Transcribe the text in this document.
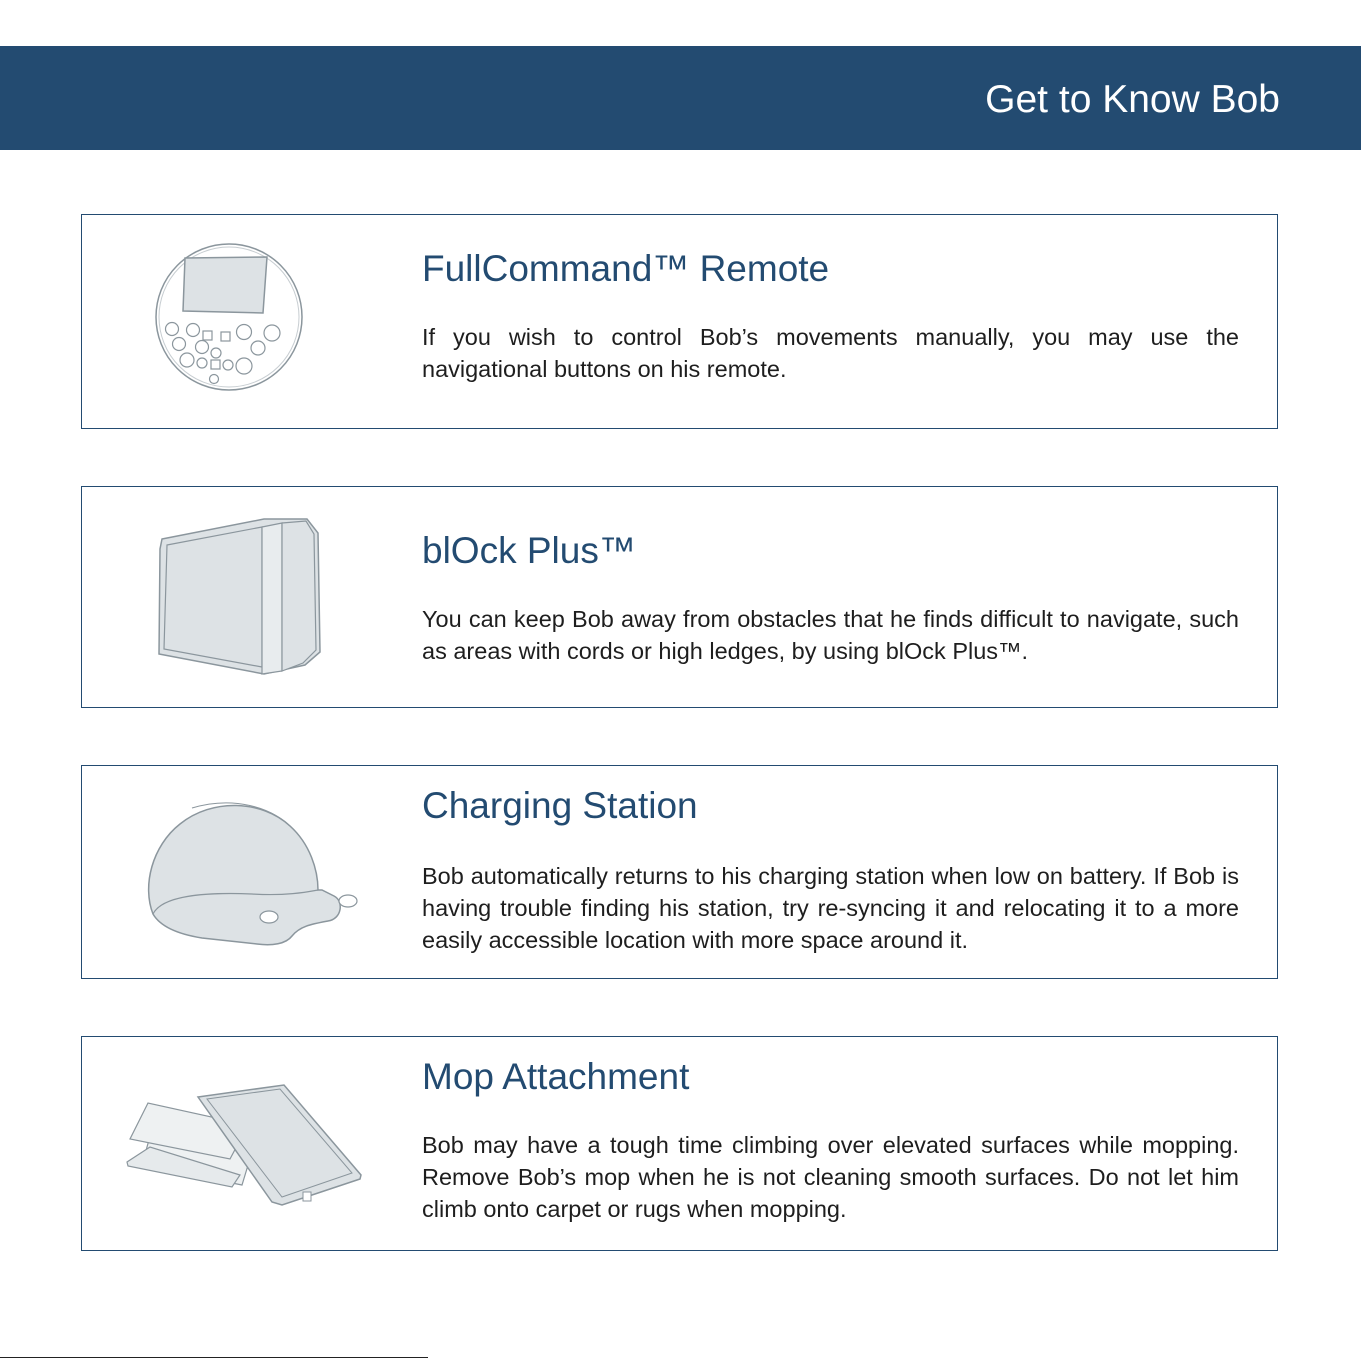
Get to Know Bob
FullCommand™ Remote

If you wish to control Bob’s movements manually, you may use the navigational buttons on his remote.

blOck Plus™

You can keep Bob away from obstacles that he finds difficult to navigate, such as areas with cords or high ledges, by using blOck Plus™.

Charging Station

Bob automatically returns to his charging station when low on battery. If Bob is having trouble finding his station, try re-syncing it and relocating it to a more easily accessible location with more space around it.

Mop Attachment

Bob may have a tough time climbing over elevated surfaces while mopping. Remove Bob’s mop when he is not cleaning smooth surfaces. Do not let him climb onto carpet or rugs when mopping.
